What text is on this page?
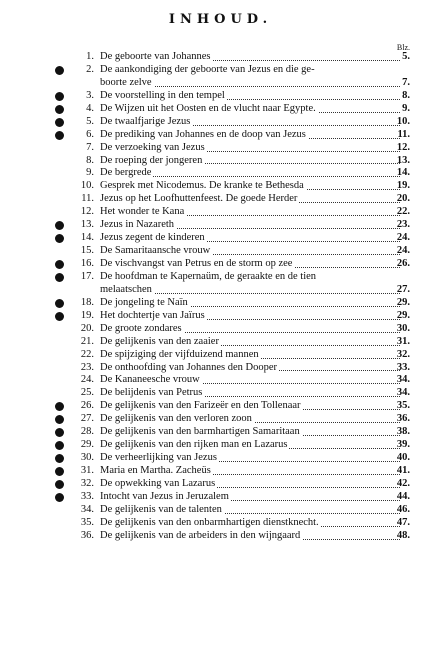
INHOUD.
Blz.
1. De geboorte van Johannes	5.
2. De aankondiging der geboorte van Jezus en die ge-
boorte zelve	7.
3. De voorstelling in den tempel	8.
4. De Wijzen uit het Oosten en de vlucht naar Egypte.	9.
5. De twaalfjarige Jezus	10.
6. De prediking van Johannes en de doop van Jezus	11.
7. De verzoeking van Jezus	12.
8. De roeping der jongeren	13.
9. De bergrede	14.
10. Gesprek met Nicodemus. De kranke te Bethesda	19.
11. Jezus op het Loofhuttenfeest. De goede Herder	20.
12. Het wonder te Kana	22.
13. Jezus in Nazareth	23.
14. Jezus zegent de kinderen	24.
15. De Samaritaansche vrouw	24.
16. De vischvangst van Petrus en de storm op zee	26.
17. De hoofdman te Kapernaüm, de geraakte en de tien
melaatschen	27.
18. De jongeling te Naïn	29.
19. Het dochtertje van Jaïrus	29.
20. De groote zondares	30.
21. De gelijkenis van den zaaier	31.
22. De spijziging der vijfduizend mannen	32.
23. De onthoofding van Johannes den Dooper	33.
24. De Kananeesche vrouw	34.
25. De belijdenis van Petrus	34.
26. De gelijkenis van den Farizeër en den Tollenaar	35.
27. De gelijkenis van den verloren zoon	36.
28. De gelijkenis van den barmhartigen Samaritaan	38.
29. De gelijkenis van den rijken man en Lazarus	39.
30. De verheerlijking van Jezus	40.
31. Maria en Martha. Zacheüs	41.
32. De opwekking van Lazarus	42.
33. Intocht van Jezus in Jeruzalem	44.
34. De gelijkenis van de talenten	46.
35. De gelijkenis van den onbarmhartigen dienstknecht.	47.
36. De gelijkenis van de arbeiders in den wijngaard	48.
